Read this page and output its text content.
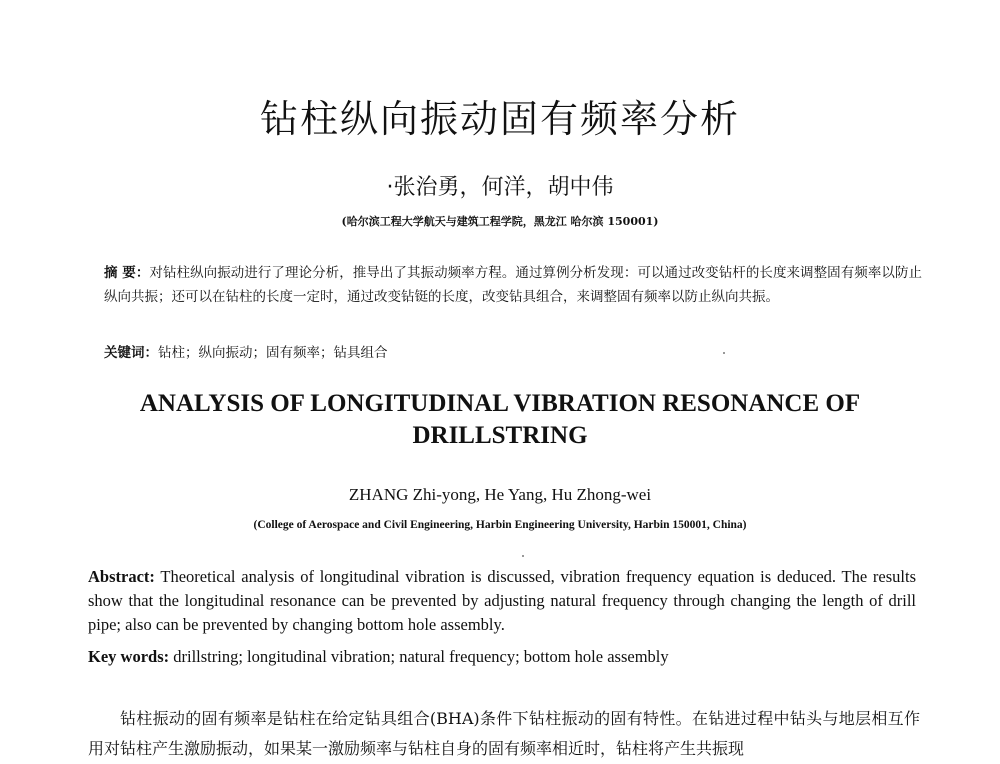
钻柱纵向振动固有频率分析
·张治勇，何洋，胡中伟
(哈尔滨工程大学航天与建筑工程学院，黑龙江 哈尔滨 150001)
摘 要：对钻柱纵向振动进行了理论分析，推导出了其振动频率方程。通过算例分析发现：可以通过改变钻杆的长度来调整固有频率以防止纵向共振；还可以在钻柱的长度一定时，通过改变钻铤的长度，改变钻具组合，来调整固有频率以防止纵向共振。
关键词：钻柱；纵向振动；固有频率；钻具组合
ANALYSIS OF LONGITUDINAL VIBRATION RESONANCE OF DRILLSTRING
ZHANG Zhi-yong, He Yang, Hu Zhong-wei
(College of Aerospace and Civil Engineering, Harbin Engineering University, Harbin 150001, China)
Abstract: Theoretical analysis of longitudinal vibration is discussed, vibration frequency equation is deduced. The results show that the longitudinal resonance can be prevented by adjusting natural frequency through changing the length of drill pipe; also can be prevented by changing bottom hole assembly.
Key words: drillstring; longitudinal vibration; natural frequency; bottom hole assembly
钻柱振动的固有频率是钻柱在给定钻具组合(BHA)条件下钻柱振动的固有特性。在钻进过程中钻头与地层相互作用对钻柱产生激励振动，如果某一激励频率与钻柱自身的固有频率相近时，钻柱将产生共振现
